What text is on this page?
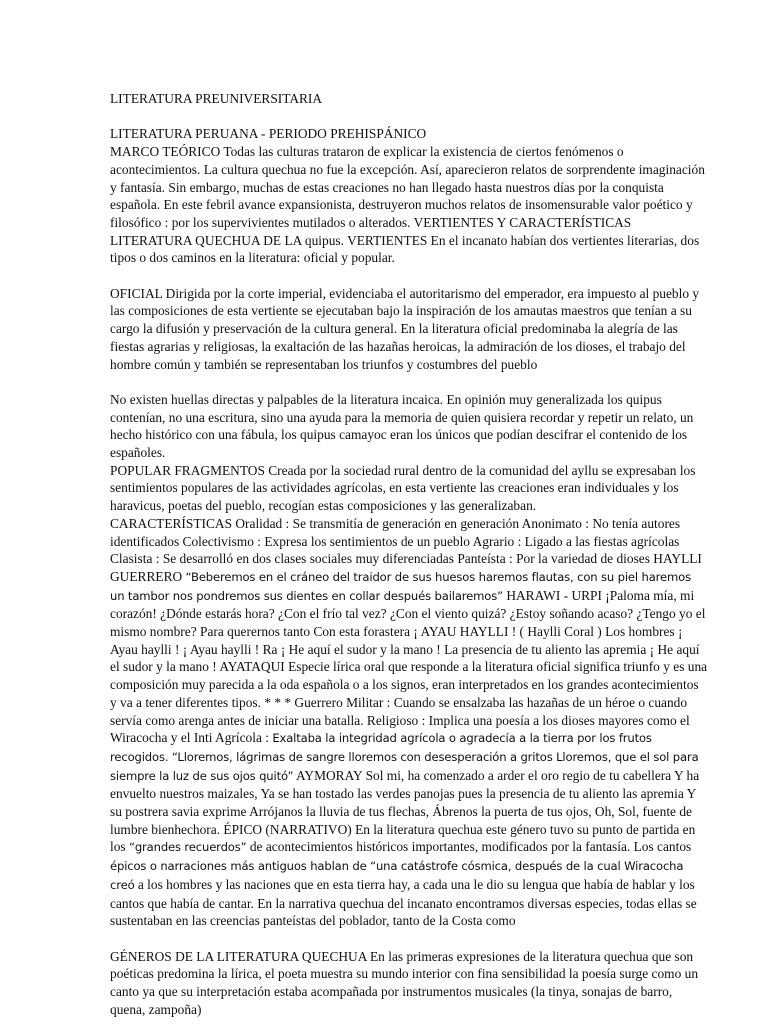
LITERATURA PREUNIVERSITARIA

LITERATURA PERUANA - PERIODO PREHISPÁNICO

MARCO TEÓRICO Todas las culturas trataron de explicar la existencia de ciertos fenómenos o acontecimientos. La cultura quechua no fue la excepción. Así, aparecieron relatos de sorprendente imaginación y fantasía. Sin embargo, muchas de estas creaciones no han llegado hasta nuestros días por la conquista española. En este febril avance expansionista, destruyeron muchos relatos de insomensurable valor poético y filosófico : por los supervivientes mutilados o alterados. VERTIENTES Y CARACTERÍSTICAS LITERATURA QUECHUA DE LA quipus. VERTIENTES En el incanato habían dos vertientes literarias, dos tipos o dos caminos en la literatura: oficial y popular.

OFICIAL Dirigida por la corte imperial, evidenciaba el autoritarismo del emperador, era impuesto al pueblo y las composiciones de esta vertiente se ejecutaban bajo la inspiración de los amautas maestros que tenían a su cargo la difusión y preservación de la cultura general. En la literatura oficial predominaba la alegría de las fiestas agrarias y religiosas, la exaltación de las hazañas heroicas, la admiración de los dioses, el trabajo del hombre común y también se representaban los triunfos y costumbres del pueblo

No existen huellas directas y palpables de la literatura incaica. En opinión muy generalizada los quipus contenían, no una escritura, sino una ayuda para la memoria de quien quisiera recordar y repetir un relato, un hecho histórico con una fábula, los quipus camayoc eran los únicos que podían descifrar el contenido de los españoles.

POPULAR FRAGMENTOS Creada por la sociedad rural dentro de la comunidad del ayllu se expresaban los sentimientos populares de las actividades agrícolas, en esta vertiente las creaciones eran individuales y los haravicus, poetas del pueblo, recogían estas composiciones y las generalizaban.

CARACTERÍSTICAS Oralidad : Se transmitía de generación en generación Anonimato : No tenía autores identificados Colectivismo : Expresa los sentimientos de un pueblo Agrario : Ligado a las fiestas agrícolas Clasista : Se desarrolló en dos clases sociales muy diferenciadas Panteísta : Por la variedad de dioses HAYLLI GUERRERO “Beberemos en el cráneo del traidor de sus huesos haremos flautas, con su piel haremos un tambor nos pondremos sus dientes en collar después bailaremos” HARAWI - URPI ¡Paloma mía, mi corazón! ¿Dónde estarás hora? ¿Con el frío tal vez? ¿Con el viento quizá? ¿Estoy soñando acaso? ¿Tengo yo el mismo nombre? Para querernos tanto Con esta forastera ¡ AYAU HAYLLI ! ( Haylli Coral ) Los hombres ¡ Ayau haylli ! ¡ Ayau haylli ! Ra ¡ He aquí el sudor y la mano ! La presencia de tu aliento las apremia ¡ He aquí el sudor y la mano ! AYATAQUI Especie lírica oral que responde a la literatura oficial significa triunfo y es una composición muy parecida a la oda española o a los signos, eran interpretados en los grandes acontecimientos y va a tener diferentes tipos. * * * Guerrero Militar : Cuando se ensalzaba las hazañas de un héroe o cuando servía como arenga antes de iniciar una batalla. Religioso : Implica una poesía a los dioses mayores como el Wiracocha y el Inti Agrícola : Exaltaba la integridad agrícola o agradecía a la tierra por los frutos recogidos. “Lloremos, lágrimas de sangre lloremos con desesperación a gritos Lloremos, que el sol para siempre la luz de sus ojos quitó” AYMORAY Sol mi, ha comenzado a arder el oro regio de tu cabellera Y ha envuelto nuestros maizales, Ya se han tostado las verdes panojas pues la presencia de tu aliento las apremia Y su postrera savia exprime Arrójanos la lluvia de tus flechas, Ábrenos la puerta de tus ojos, Oh, Sol, fuente de lumbre bienhechora. ÉPICO (NARRATIVO) En la literatura quechua este género tuvo su punto de partida en los “grandes recuerdos” de acontecimientos históricos importantes, modificados por la fantasía. Los cantos épicos o narraciones más antiguos hablan de “una catástrofe cósmica, después de la cual Wiracocha creó a los hombres y las naciones que en esta tierra hay, a cada una le dio su lengua que había de hablar y los cantos que había de cantar. En la narrativa quechua del incanato encontramos diversas especies, todas ellas se sustentaban en las creencias panteístas del poblador, tanto de la Costa como

GÉNEROS DE LA LITERATURA QUECHUA En las primeras expresiones de la literatura quechua que son poéticas predomina la lírica, el poeta muestra su mundo interior con fina sensibilidad la poesía surge como un canto ya que su interpretación estaba acompañada por instrumentos musicales (la tinya, sonajas de barro, quena, zampoña)
